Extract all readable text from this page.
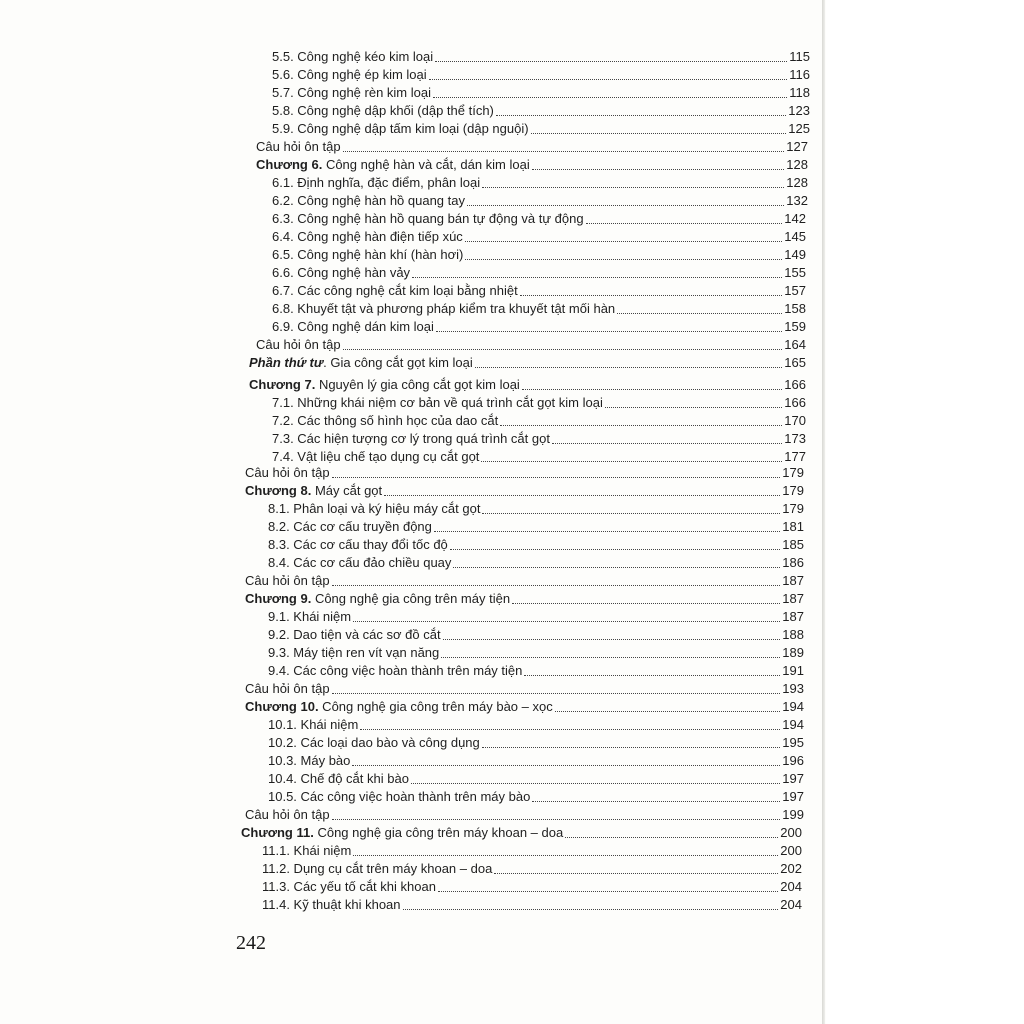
5.5. Công nghệ kéo kim loại	115
5.6. Công nghệ ép kim loại	116
5.7. Công nghệ rèn kim loại	118
5.8. Công nghệ dập khối (dập thể tích)	123
5.9. Công nghệ dập tấm kim loại (dập nguội)	125
Câu hỏi ôn tập	127
Chương 6. Công nghệ hàn và cắt, dán kim loại	128
6.1. Định nghĩa, đặc điểm, phân loại	128
6.2. Công nghệ hàn hồ quang tay	132
6.3. Công nghệ hàn hồ quang bán tự động và tự động	142
6.4. Công nghệ hàn điện tiếp xúc	145
6.5. Công nghệ hàn khí (hàn hơi)	149
6.6. Công nghệ hàn vảy	155
6.7. Các công nghệ cắt kim loại bằng nhiệt	157
6.8. Khuyết tật và phương pháp kiểm tra khuyết tật mối hàn	158
6.9. Công nghệ dán kim loại	159
Câu hỏi ôn tập	164
Phần thứ tư. Gia công cắt gọt kim loại	165
Chương 7. Nguyên lý gia công cắt gọt kim loại	166
7.1. Những khái niệm cơ bản về quá trình cắt gọt kim loại	166
7.2. Các thông số hình học của dao cắt	170
7.3. Các hiện tượng cơ lý trong quá trình cắt gọt	173
7.4. Vật liệu chế tạo dụng cụ cắt gọt	177
Câu hỏi ôn tập	179
Chương 8. Máy cắt gọt	179
8.1. Phân loại và ký hiệu máy cắt gọt	179
8.2. Các cơ cấu truyền động	181
8.3. Các cơ cấu thay đổi tốc độ	185
8.4. Các cơ cấu đảo chiều quay	186
Câu hỏi ôn tập	187
Chương 9. Công nghệ gia công trên máy tiện	187
9.1. Khái niệm	187
9.2. Dao tiện và các sơ đồ cắt	188
9.3. Máy tiện ren vít vạn năng	189
9.4. Các công việc hoàn thành trên máy tiện	191
Câu hỏi ôn tập	193
Chương 10. Công nghệ gia công trên máy bào – xọc	194
10.1. Khái niệm	194
10.2. Các loại dao bào và công dụng	195
10.3. Máy bào	196
10.4. Chế độ cắt khi bào	197
10.5. Các công việc hoàn thành trên máy bào	197
Câu hỏi ôn tập	199
Chương 11. Công nghệ gia công trên máy khoan – doa	200
11.1. Khái niệm	200
11.2. Dụng cụ cắt trên máy khoan – doa	202
11.3. Các yếu tố cắt khi khoan	204
11.4. Kỹ thuật khi khoan	204
242
